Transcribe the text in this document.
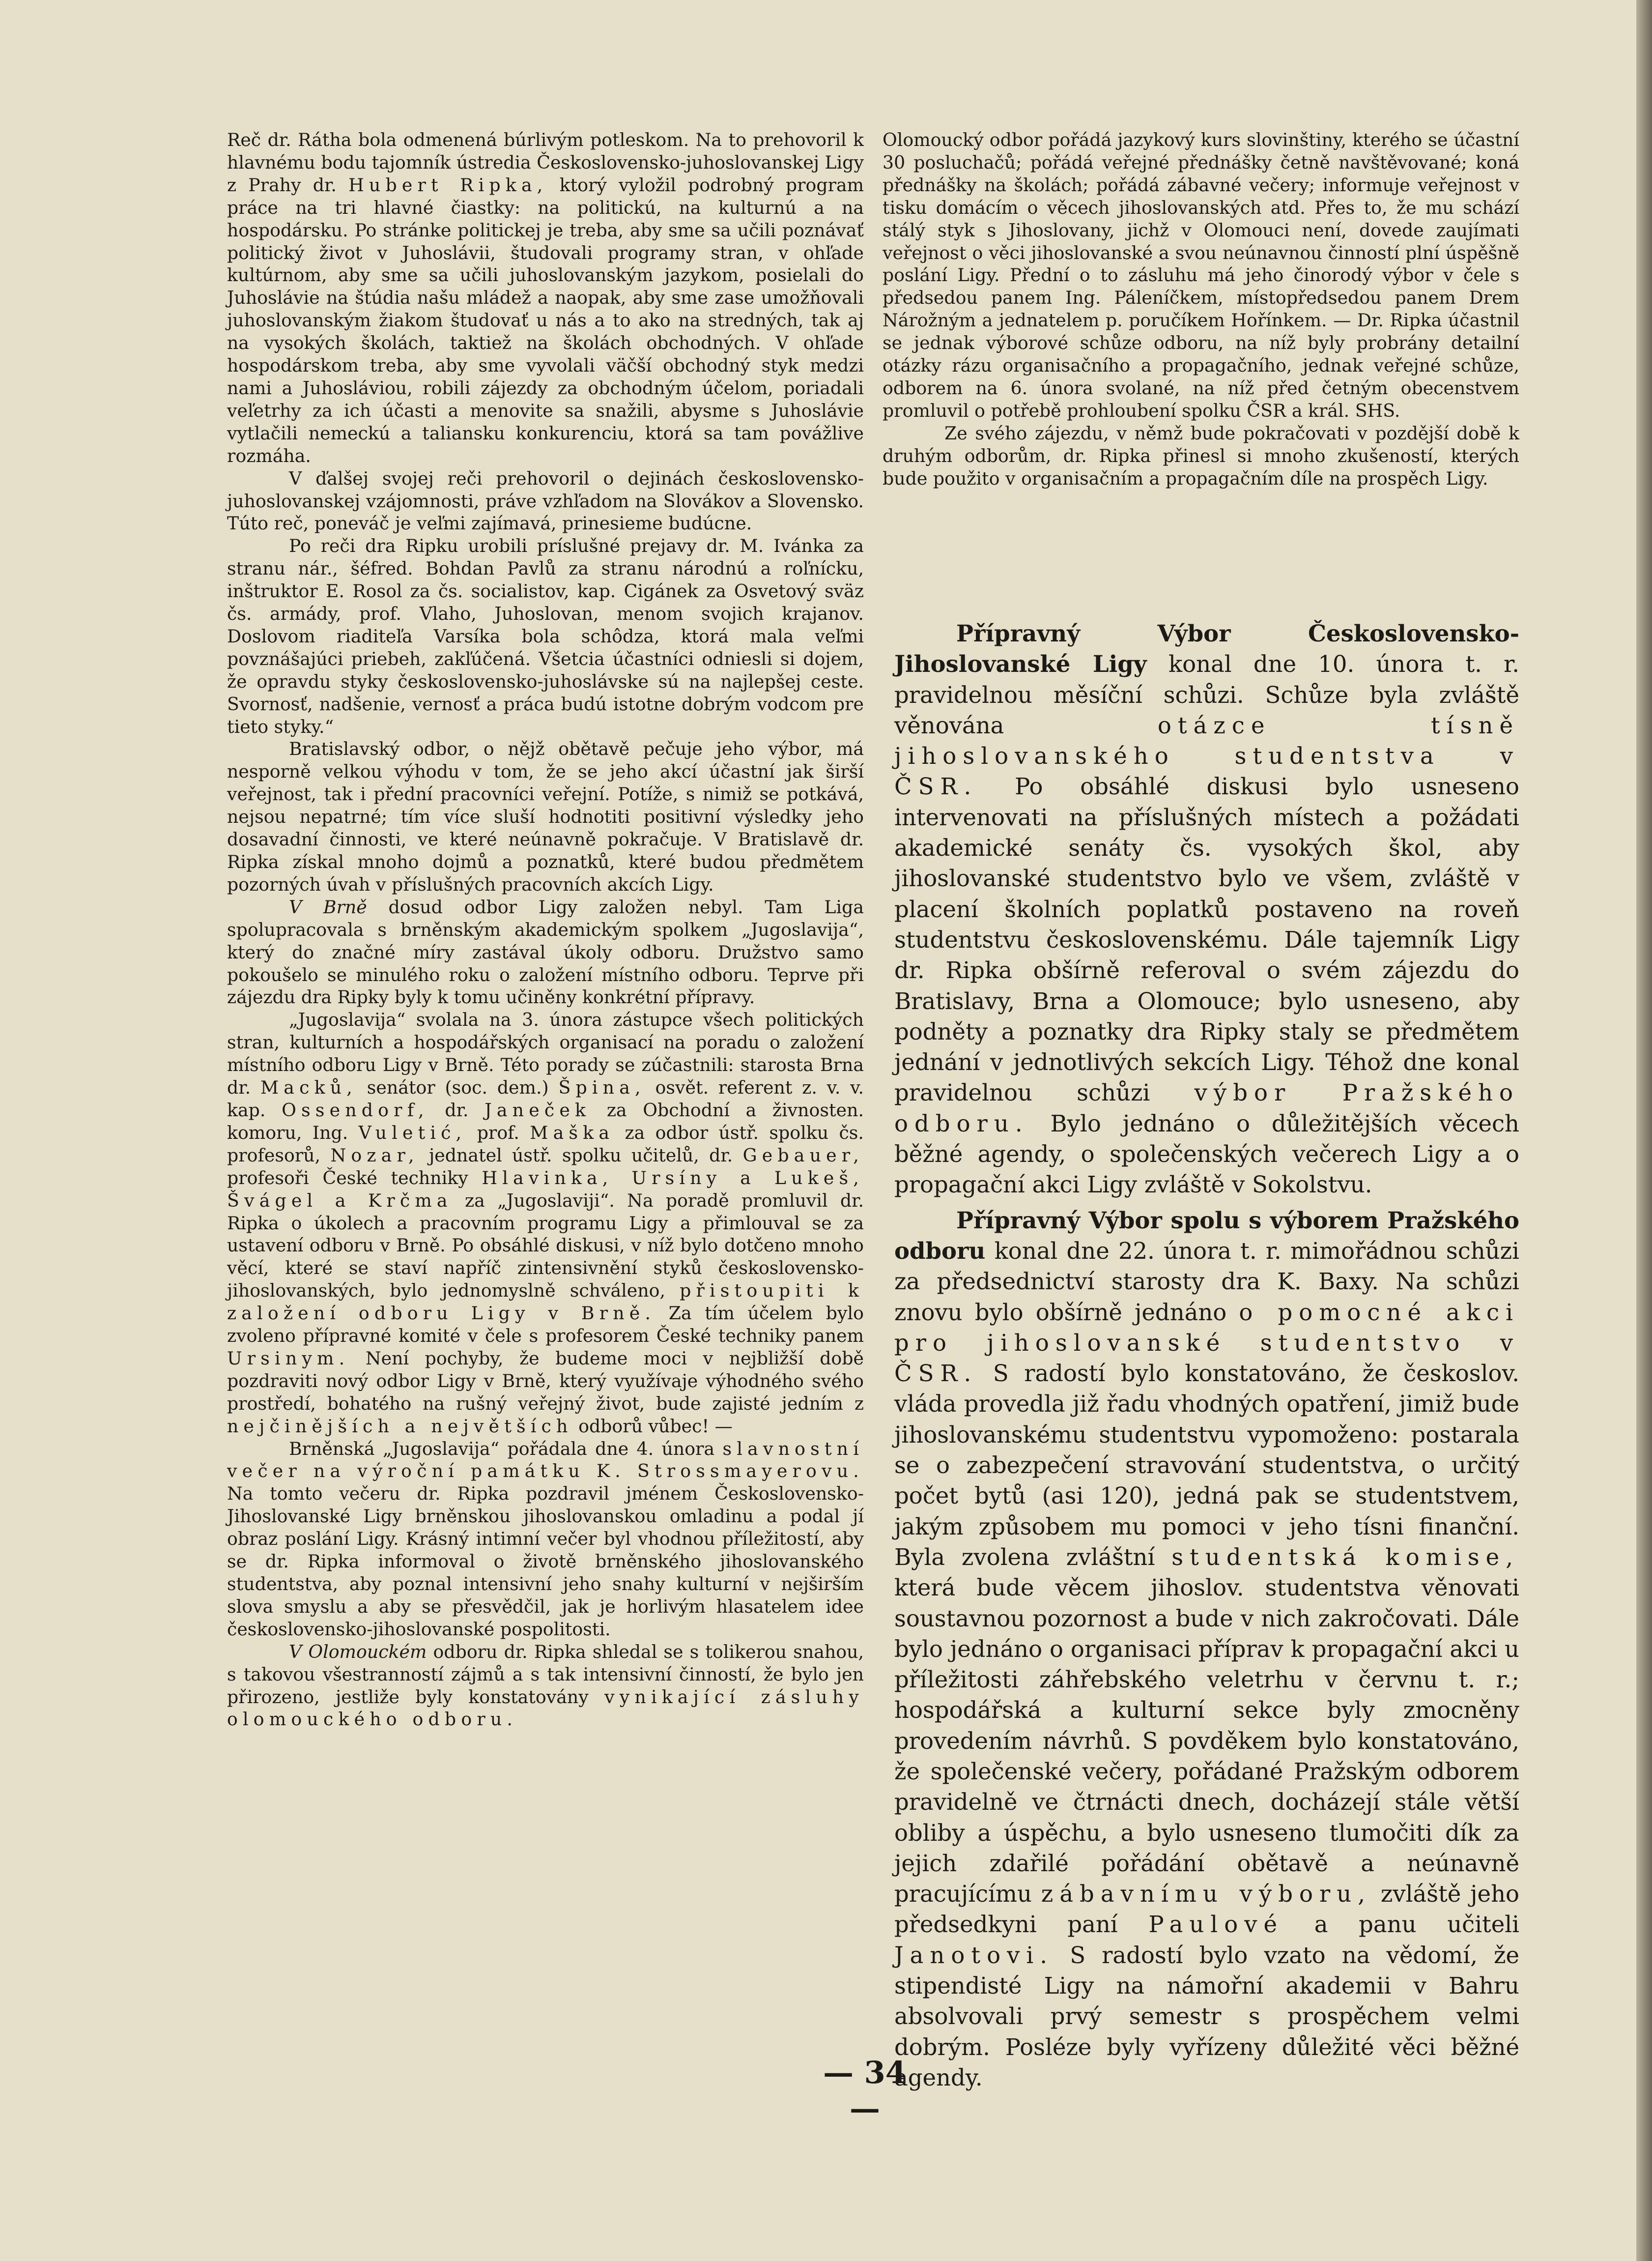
Reč dr. Rátha bola odmenená búrlivým potleskom. Na to prehovoril k hlavnému bodu tajomník ústredia Československo-juhoslovanskej Ligy z Prahy dr. Hubert Ripka, ktorý vyložil podrobný program práce na tri hlavné čiastky: na politickú, na kulturnú a na hospodársku. Po stránke politickej je treba, aby sme sa učili poznávať politický život v Juhoslávii, študovali programy stran, v ohľade kultúrnom, aby sme sa učili juhoslovanským jazykom, posielali do Juhoslávie na štúdia našu mládež a naopak, aby sme zase umožňovali juhoslovanským žiakom študovať u nás a to ako na stredných, tak aj na vysokých školách, taktiež na školách obchodných. V ohľade hospodárskom treba, aby sme vyvolali väčší obchodný styk medzi nami a Juhosláviou, robili zájezdy za obchodným účelom, poriadali veľetrhy za ich účasti a menovite sa snažili, abysme s Juhosláviе vytlačili nemeckú a taliansku konkurenciu, ktorá sa tam povážlive rozmáha.

V ďalšej svojej reči prehovoril o dejinách československo-juhoslovanskej vzájomnosti, práve vzhľadom na Slovákov a Slovensko. Túto reč, poneváč je veľmi zajímavá, prinesieme budúcne.

Po reči dra Ripku urobili príslušné prejavy dr. M. Ivánka za stranu nár., šéfred. Bohdan Pavlů za stranu národnú a roľnícku, inštruktor E. Rosol za čs. socialistov, kap. Cigánek za Osvetový sväz čs. armády, prof. Vlaho, Juhoslovan, menom svojich krajanov. Doslovom riaditeľa Varsíka bola schôdza, ktorá mala veľmi povznášajúci priebeh, zakľúčená. Všetcia účastníci odniesli si dojem, že opravdu styky československo-juhoslávske sú na najlepšej ceste. Svornosť, nadšenie, vernosť a práca budú istotne dobrým vodcom pre tieto styky.“

Bratislavský odbor, o nějž obětavě pečuje jeho výbor, má nesporně velkou výhodu v tom, že se jeho akcí účastní jak širší veřejnost, tak i přední pracovníci veřejní. Potíže, s nimiž se potkává, nejsou nepatrné; tím více sluší hodnotiti positivní výsledky jeho dosavadní činnosti, ve které neúnavně pokračuje. V Bratislavě dr. Ripka získal mnoho dojmů a poznatků, které budou předmětem pozorných úvah v příslušných pracovních akcích Ligy.

V Brně dosud odbor Ligy založen nebyl. Tam Liga spolupracovala s brněnským akademickým spolkem „Jugoslavija“, který do značné míry zastával úkoly odboru. Družstvo samo pokoušelo se minulého roku o založení místního odboru. Teprve při zájezdu dra Ripky byly k tomu učiněny konkrétní přípravy.

„Jugoslavija“ svolala na 3. února zástupce všech politických stran, kulturních a hospodářských organisací na poradu o založení místního odboru Ligy v Brně. Této porady se zúčastnili: starosta Brna dr. Macků, senátor (soc. dem.) Špina, osvět. referent z. v. v. kap. Ossendorf, dr. Janeček za Obchodní a živnosten. komoru, Ing. Vuletić, prof. Maška za odbor ústř. spolku čs. profesorů, Nozar, jednatel ústř. spolku učitelů, dr. Gebauer, profesoři České techniky Hlavinka, Ursíny a Lukeš, Švágel a Krčma za „Jugoslaviji“. Na poradě promluvil dr. Ripka o úkolech a pracovním programu Ligy a přimlouval se za ustavení odboru v Brně. Po obsáhlé diskusi, v níž bylo dotčeno mnoho věcí, které se staví napříč zintensivnění styků československo-jihoslovanských, bylo jednomyslně schváleno, přistoupiti k založení odboru Ligy v Brně. Za tím účelem bylo zvoleno přípravné komité v čele s profesorem České techniky panem Ursinym. Není pochyby, že budeme moci v nejbližší době pozdraviti nový odbor Ligy v Brně, který využívaje výhodného svého prostředí, bohatého na rušný veřejný život, bude zajisté jedním z nejčinějších a největších odborů vůbec! —

Brněnská „Jugoslavija“ pořádala dne 4. února slavnostní večer na výroční památku K. Strossmayerovu. Na tomto večeru dr. Ripka pozdravil jménem Československo-Jihoslovanské Ligy brněnskou jihoslovanskou omladinu a podal jí obraz poslání Ligy. Krásný intimní večer byl vhodnou příležitostí, aby se dr. Ripka informoval o životě brněnského jihoslovanského studentstva, aby poznal intensivní jeho snahy kulturní v nejširším slova smyslu a aby se přesvědčil, jak je horlivým hlasatelem idee československo-jihoslovanské pospolitosti.

V Olomouckém odboru dr. Ripka shledal se s tolikerou snahou, s takovou všestranností zájmů a s tak intensivní činností, že bylo jen přirozeno, jestliže byly konstatovány vynikající zásluhy olomouckého odboru.

Olomoucký odbor pořádá jazykový kurs slovinštiny, kterého se účastní 30 posluchačů; pořádá veřejné přednášky četně navštěvované; koná přednášky na školách; pořádá zábavné večery; informuje veřejnost v tisku domácím o věcech jihoslovanských atd. Přes to, že mu schází stálý styk s Jihoslovany, jichž v Olomouci není, dovede zaujímati veřejnost o věci jihoslovanské a svou neúnavnou činností plní úspěšně poslání Ligy. Přední o to zásluhu má jeho činorodý výbor v čele s předsedou panem Ing. Páleníčkem, místopředsedou panem Drem Nárožným a jednatelem p. poručíkem Hořínkem. — Dr. Ripka účastnil se jednak výborové schůze odboru, na níž byly probrány detailní otázky rázu organisačního a propagačního, jednak veřejné schůze, odborem na 6. února svolané, na níž před četným obecenstvem promluvil o potřebě prohloubení spolku ČSR a král. SHS.

Ze svého zájezdu, v němž bude pokračovati v pozdější době k druhým odborům, dr. Ripka přinesl si mnoho zkušeností, kterých bude použito v organisačním a propagačním díle na prospěch Ligy.

Přípravný Výbor Československo-Jihoslovanské Ligy konal dne 10. února t. r. pravidelnou měsíční schůzi. Schůze byla zvláště věnována	otázce tísně jihoslovanského studentstva v ČSR. Po obsáhlé diskusi bylo usneseno intervenovati na příslušných místech a požádati akademické senáty čs. vysokých škol, aby jihoslovanské studentstvo bylo ve všem, zvláště v placení školních poplatků postaveno na roveň studentstvu československému. Dále tajemník Ligy dr. Ripka obšírně referoval o svém zájezdu do Bratislavy, Brna a Olomouce; bylo usneseno, aby podněty a poznatky dra Ripky staly se předmětem jednání v jednotlivých sekcích Ligy. Téhož dne konal pravidelnou schůzi výbor Pražského odboru. Bylo jednáno o důležitějších věcech běžné agendy, o společenských večerech Ligy a o propagační akci Ligy zvláště v Sokolstvu.

Přípravný Výbor spolu s výborem Pražského odboru konal dne 22. února t. r. mimořádnou schůzi za předsednictví starosty dra K. Baxy. Na schůzi znovu bylo obšírně jednáno o pomocné akci pro jihoslovanské studentstvo v ČSR. S radostí bylo konstatováno, že českoslov. vláda provedla již řadu vhodných opatření, jimiž bude jihoslovanskému studentstvu vypomoženo: postarala se o zabezpečení stravování studentstva, o určitý počet bytů (asi 120), jedná pak se studentstvem, jakým způsobem mu pomoci v jeho tísni finanční. Byla zvolena zvláštní studentská komise, která bude věcem jihoslov. studentstva věnovati soustavnou pozornost a bude v nich zakročovati. Dále bylo jednáno o organisaci příprav k propagační akci u příležitosti záhřebského veletrhu v červnu t. r.; hospodářská a kulturní sekce byly zmocněny provedením návrhů. S povděkem bylo konstatováno, že společenské večery, pořádané Pražským odborem pravidelně ve čtrnácti dnech, docházejí stále větší obliby a úspěchu, a bylo usneseno tlumočiti dík za jejich zdařilé pořádání obětavě a neúnavně pracujícímu zábavnímu výboru, zvláště jeho předsedkyni paní Paulové a panu učiteli Janotovi. S radostí bylo vzato na vědomí, že stipendisté Ligy na námořní akademii v Bahru absolvovali prvý semestr s prospěchem velmi dobrým. Posléze byly vyřízeny důležité věci běžné agendy.

— 34 —
